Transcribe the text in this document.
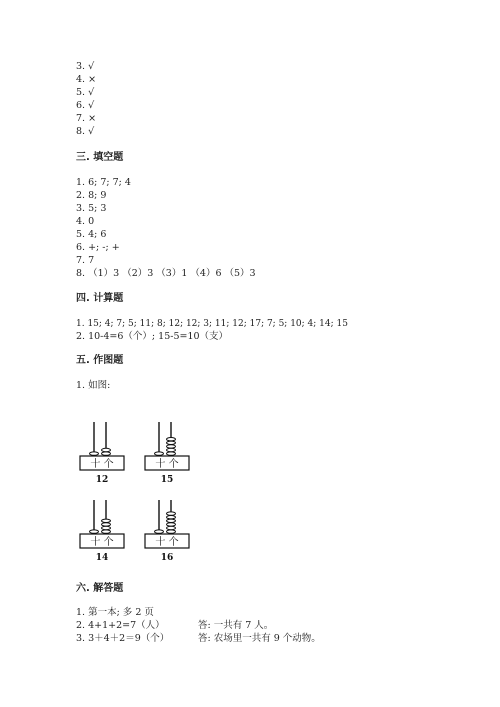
3. √
4. ×
5. √
6. √
7. ×
8. √
三. 填空题
1. 6; 7; 7; 4
2. 8; 9
3. 5; 3
4. 0
5. 4; 6
6. +; -; +
7. 7
8. （1）3 （2）3 （3）1 （4）6 （5）3
四. 计算题
1. 15; 4; 7; 5; 11; 8; 12; 12; 3; 11; 12; 17; 7; 5; 10; 4; 14; 15
2. 10-4=6（个）; 15-5=10（支）
五. 作图题
1. 如图:
十 个
12
十 个
15
十 个
14
十 个
16
六. 解答题
1. 第一本; 多 2 页
2. 4+1+2=7（人）	答: 一共有 7 人。
3. 3＋4＋2＝9（个）	答: 农场里一共有 9 个动物。
